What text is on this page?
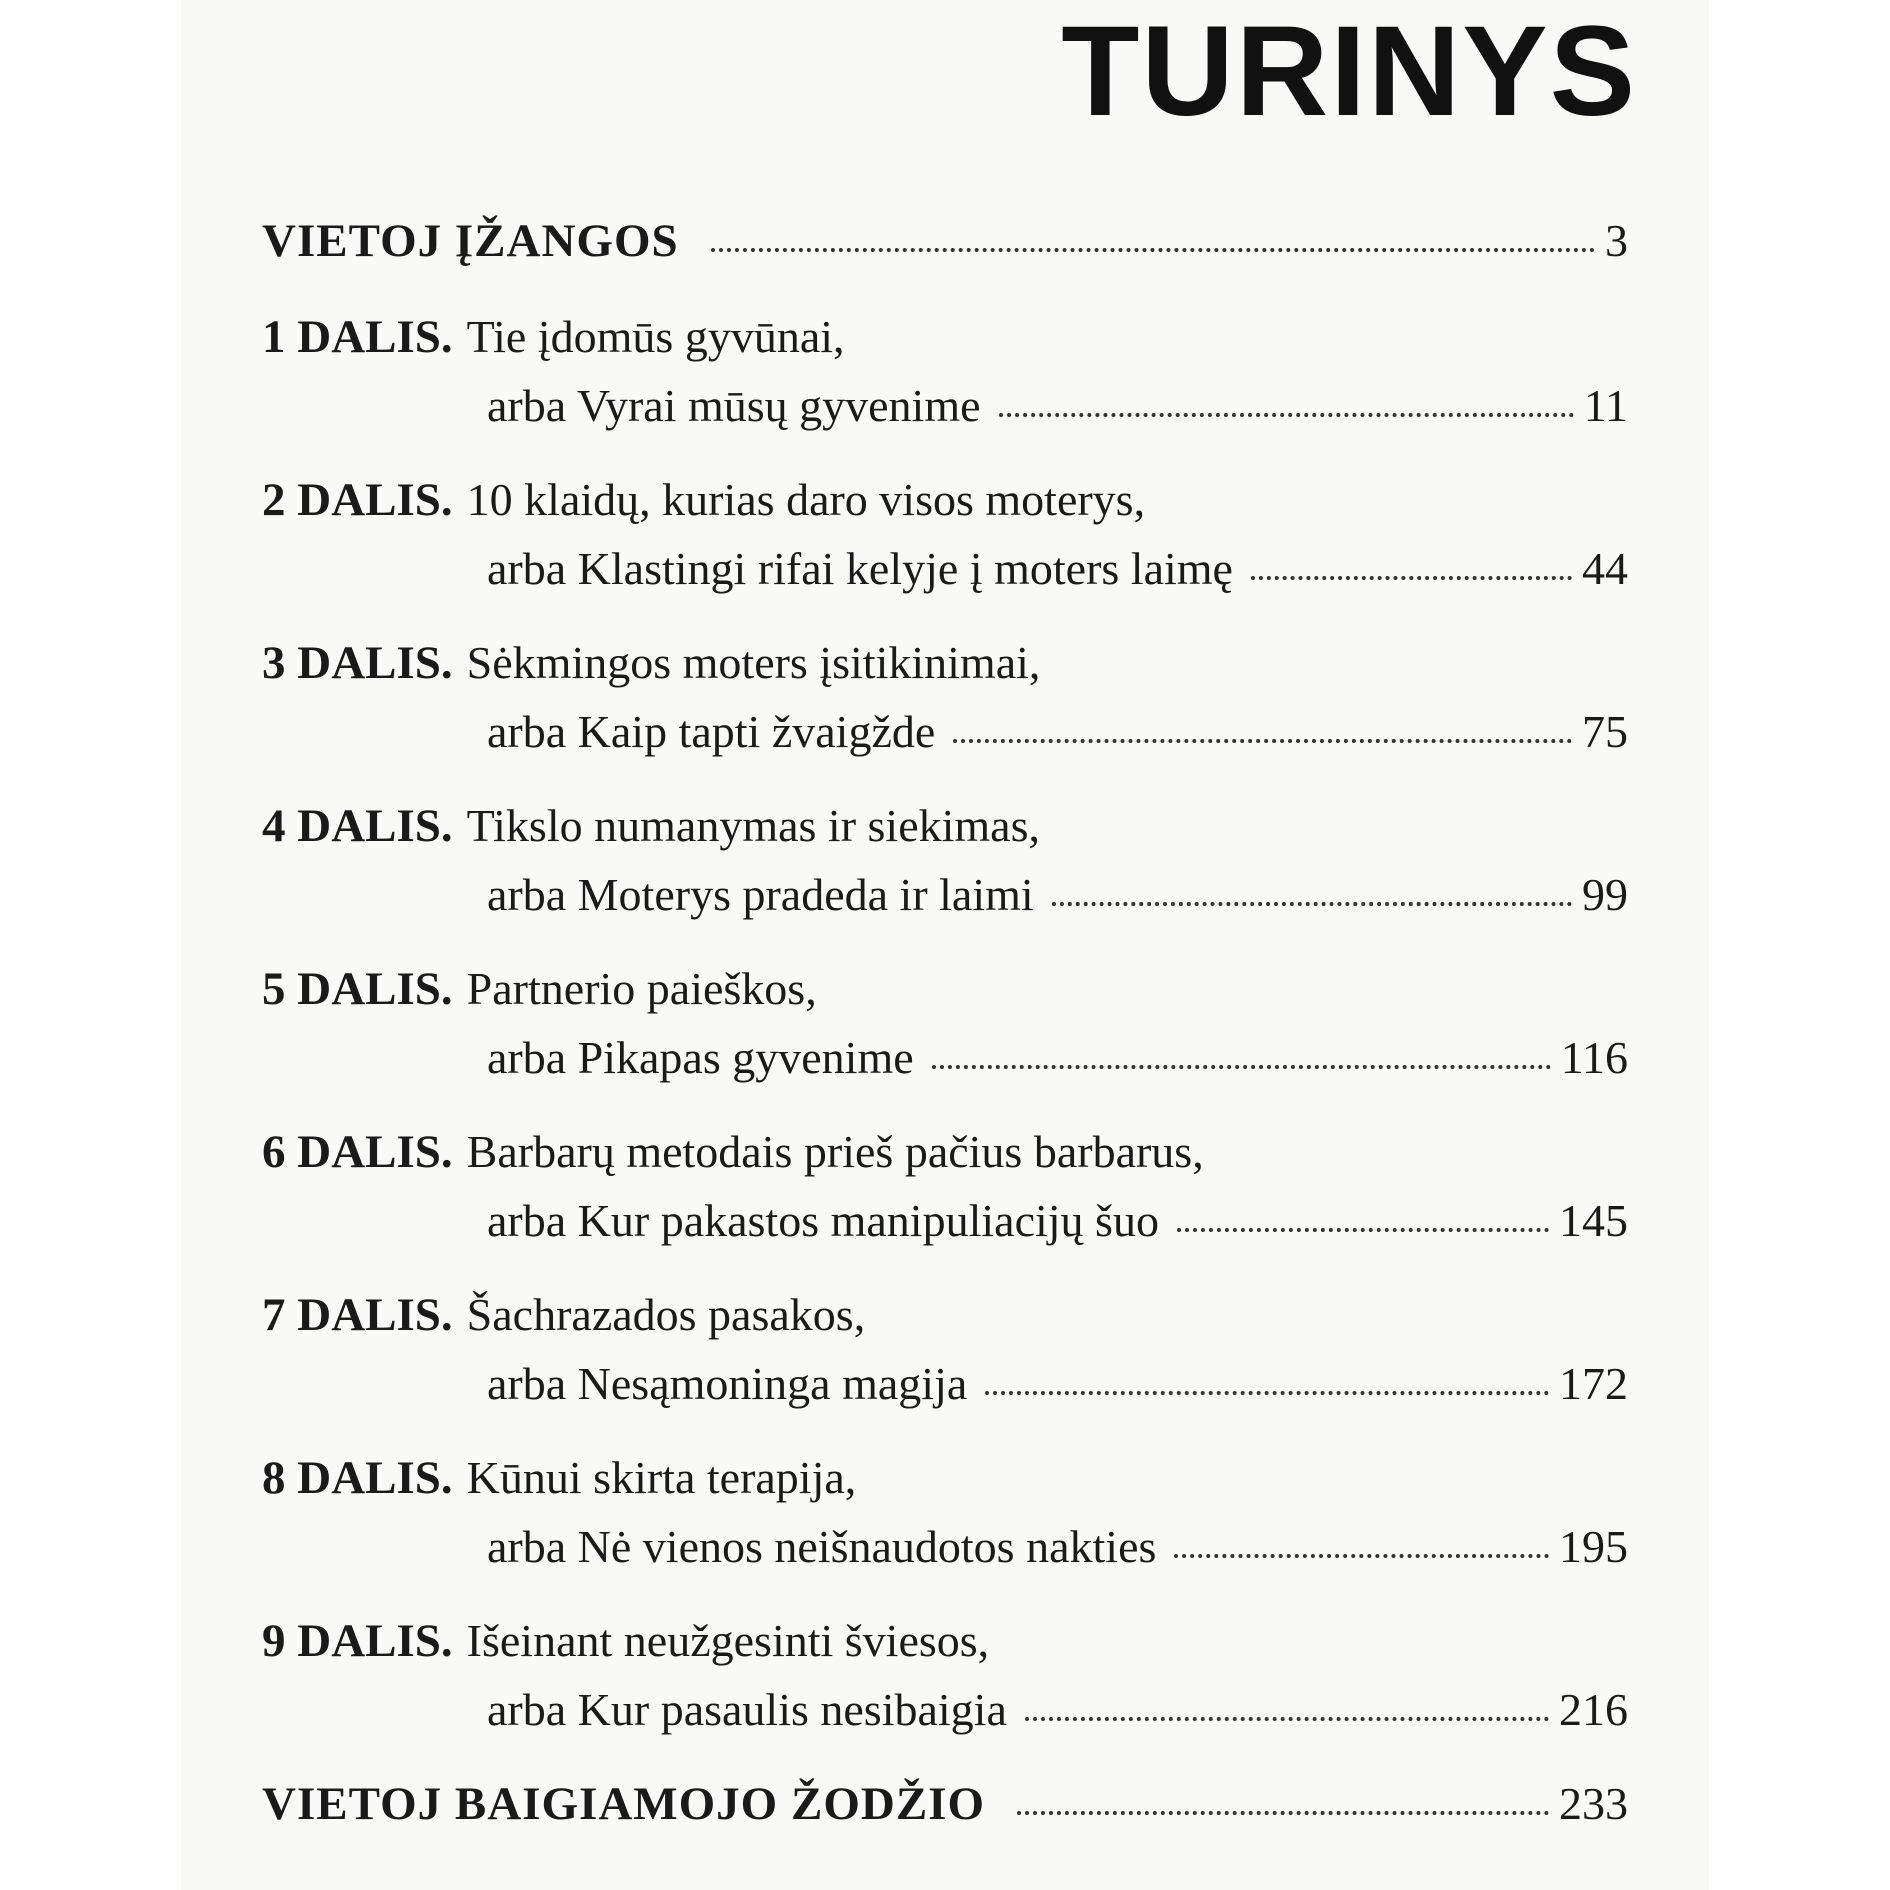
TURINYS
VIETOJ ĮŽANGOS	3
1 DALIS. Tie įdomūs gyvūnai,
arba Vyrai mūsų gyvenime	11
2 DALIS. 10 klaidų, kurias daro visos moterys,
arba Klastingi rifai kelyje į moters laimę	44
3 DALIS. Sėkmingos moters įsitikinimai,
arba Kaip tapti žvaigžde	75
4 DALIS. Tikslo numanymas ir siekimas,
arba Moterys pradeda ir laimi	99
5 DALIS. Partnerio paieškos,
arba Pikapas gyvenime	116
6 DALIS. Barbarų metodais prieš pačius barbarus,
arba Kur pakastos manipuliacijų šuo	145
7 DALIS. Šachrazados pasakos,
arba Nesąmoninga magija	172
8 DALIS. Kūnui skirta terapija,
arba Nė vienos neišnaudotos nakties	195
9 DALIS. Išeinant neužgesinti šviesos,
arba Kur pasaulis nesibaigia	216
VIETOJ BAIGIAMOJO ŽODŽIO	233
